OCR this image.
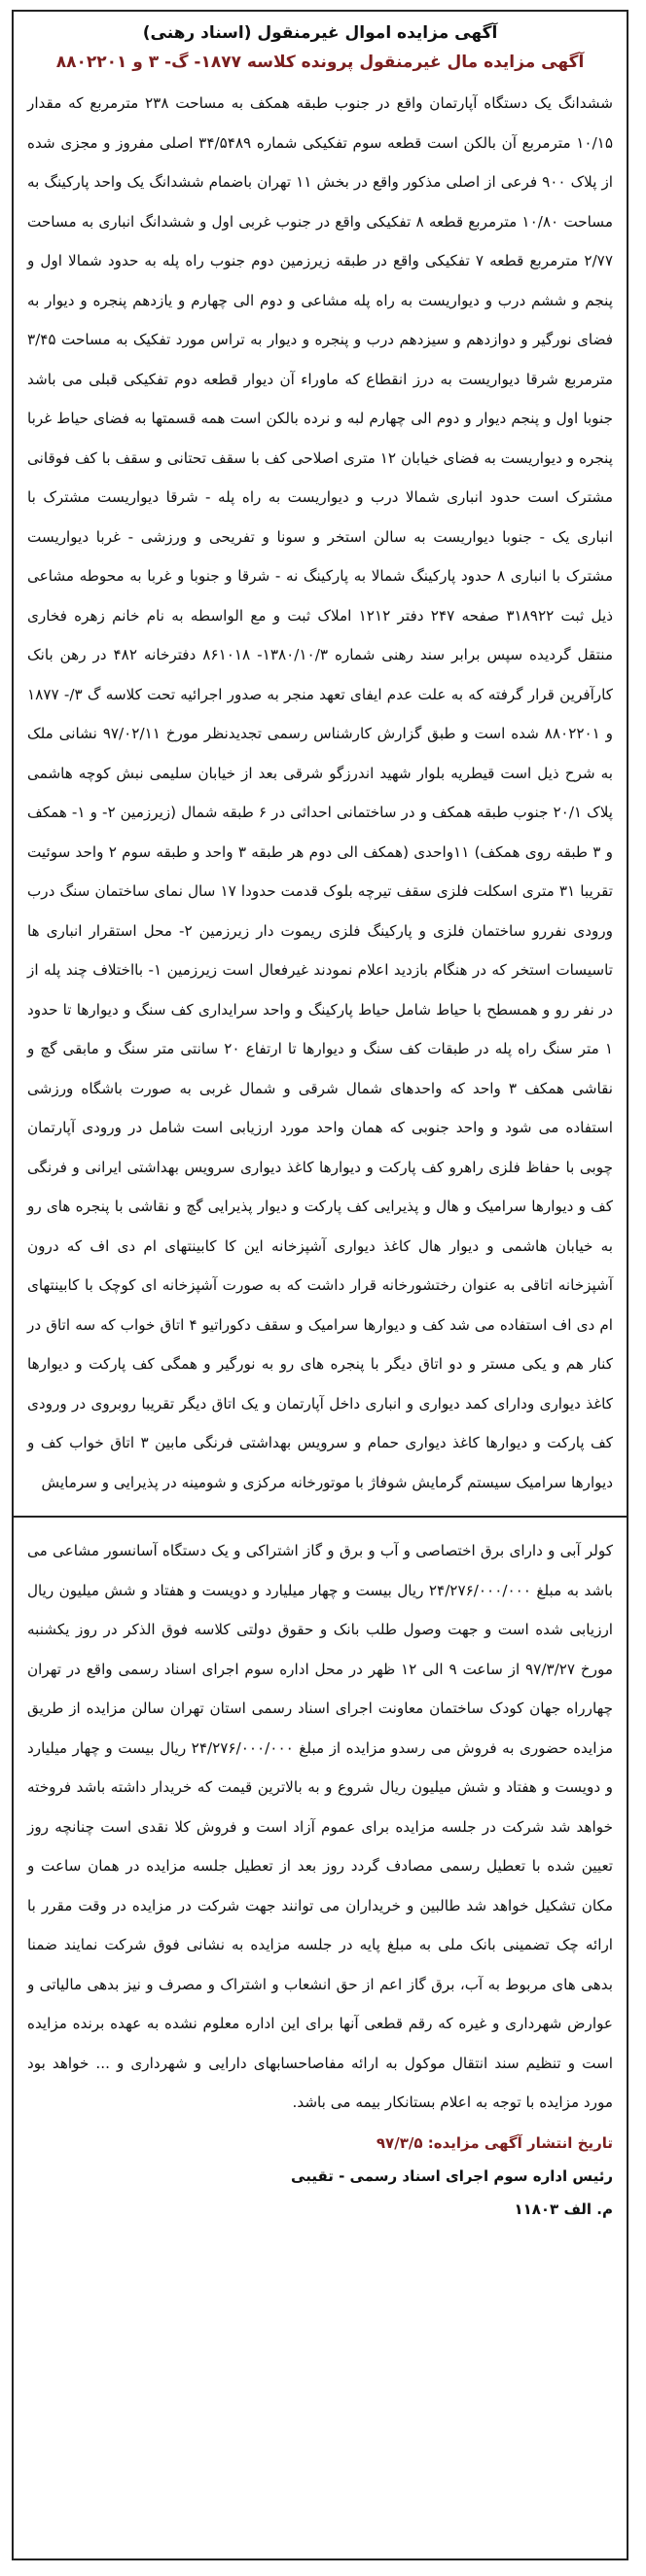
آگهی مزایده اموال غیرمنقول (اسناد رهنی)
آگهی مزایده مال غیرمنقول پرونده کلاسه ۱۸۷۷- گ- ۳ و ۸۸۰۲۲۰۱

ششدانگ یک دستگاه آپارتمان واقع در جنوب طبقه همکف به مساحت ۲۳۸ مترمربع که مقدار ۱۰/۱۵ مترمربع آن بالکن است قطعه سوم تفکیکی شماره ۳۴/۵۴۸۹ اصلی مفروز و مجزی شده از پلاک ۹۰۰ فرعی از اصلی مذکور واقع در بخش ۱۱ تهران باضمام ششدانگ یک واحد پارکینگ به مساحت ۱۰/۸۰ مترمربع قطعه ۸ تفکیکی واقع در جنوب غربی اول و ششدانگ انباری به مساحت ۲/۷۷ مترمربع قطعه ۷ تفکیکی واقع در طبقه زیرزمین دوم جنوب راه پله به حدود شمالا اول و پنجم و ششم درب و دیواریست به راه پله مشاعی و دوم الی چهارم و یازدهم پنجره و دیوار به فضای نورگیر و دوازدهم و سیزدهم درب و پنجره و دیوار به تراس مورد تفکیک به مساحت ۳/۴۵ مترمربع شرقا دیواریست به درز انقطاع که ماوراء آن دیوار قطعه دوم تفکیکی قبلی می باشد جنوبا اول و پنجم دیوار و دوم الی چهارم لبه و نرده بالکن است همه قسمتها به فضای حیاط غربا پنجره و دیواریست به فضای خیابان ۱۲ متری اصلاحی کف با سقف تحتانی و سقف با کف فوقانی مشترک است حدود انباری شمالا درب و دیواریست به راه پله - شرقا دیواریست مشترک با انباری یک - جنوبا دیواریست به سالن استخر و سونا و تفریحی و ورزشی - غربا دیواریست مشترک با انباری ۸ حدود پارکینگ شمالا به پارکینگ نه - شرقا و جنوبا و غربا به محوطه مشاعی ذیل ثبت ۳۱۸۹۲۲ صفحه ۲۴۷ دفتر ۱۲۱۲ املاک ثبت و مع الواسطه به نام خانم زهره فخاری منتقل گردیده سپس برابر سند رهنی شماره ۱۳۸۰/۱۰/۳- ۸۶۱۰۱۸ دفترخانه ۴۸۲ در رهن بانک کارآفرین قرار گرفته که به علت عدم ایفای تعهد منجر به صدور اجرائیه تحت کلاسه گ ۳/- ۱۸۷۷ و ۸۸۰۲۲۰۱ شده است و طبق گزارش کارشناس رسمی تجدیدنظر مورخ ۹۷/۰۲/۱۱ نشانی ملک به شرح ذیل است قیطریه بلوار شهید اندرزگو شرقی بعد از خیابان سلیمی نبش کوچه هاشمی پلاک ۲۰/۱ جنوب طبقه همکف و در ساختمانی احداثی در ۶ طبقه شمال (زیرزمین ۲- و ۱- همکف و ۳ طبقه روی همکف) ۱۱واحدی (همکف الی دوم هر طبقه ۳ واحد و طبقه سوم ۲ واحد سوئیت تقریبا ۳۱ متری اسکلت فلزی سقف تیرچه بلوک قدمت حدودا ۱۷ سال نمای ساختمان سنگ درب ورودی نفررو ساختمان فلزی و پارکینگ فلزی ریموت دار زیرزمین ۲- محل استقرار انباری ها تاسیسات استخر که در هنگام بازدید اعلام نمودند غیرفعال است زیرزمین ۱- بااختلاف چند پله از در نفر رو و همسطح با حیاط شامل حیاط پارکینگ و واحد سرایداری کف سنگ و دیوارها تا حدود ۱ متر سنگ راه پله در طبقات کف سنگ و دیوارها تا ارتفاع ۲۰ سانتی متر سنگ و مابقی گچ و نقاشی همکف ۳ واحد که واحدهای شمال شرقی و شمال غربی به صورت باشگاه ورزشی استفاده می شود و واحد جنوبی که همان واحد مورد ارزیابی است شامل در ورودی آپارتمان چوبی با حفاظ فلزی راهرو کف پارکت و دیوارها کاغذ دیواری سرویس بهداشتی ایرانی و فرنگی کف و دیوارها سرامیک و هال و پذیرایی کف پارکت و دیوار پذیرایی گچ و نقاشی با پنجره های رو به خیابان هاشمی و دیوار هال کاغذ دیواری آشپزخانه این کا کابینتهای ام دی اف که درون آشپزخانه اتاقی به عنوان رختشورخانه قرار داشت که به صورت آشپزخانه ای کوچک با کابینتهای ام دی اف استفاده می شد کف و دیوارها سرامیک و سقف دکوراتیو ۴ اتاق خواب که سه اتاق در کنار هم و یکی مستر و دو اتاق دیگر با پنجره های رو به نورگیر و همگی کف پارکت و دیوارها کاغذ دیواری ودارای کمد دیواری و انباری داخل آپارتمان و یک اتاق دیگر تقریبا روبروی در ورودی کف پارکت و دیوارها کاغذ دیواری حمام و سرویس بهداشتی فرنگی مابین ۳ اتاق خواب کف و دیوارها سرامیک سیستم گرمایش شوفاژ با موتورخانه مرکزی و شومینه در پذیرایی و سرمایش

کولر آبی و دارای برق اختصاصی و آب و برق و گاز اشتراکی و یک دستگاه آسانسور مشاعی می باشد به مبلغ ۲۴/۲۷۶/۰۰۰/۰۰۰ ریال بیست و چهار میلیارد و دویست و هفتاد و شش میلیون ریال ارزیابی شده است و جهت وصول طلب بانک و حقوق دولتی کلاسه فوق الذکر در روز یکشنبه مورخ ۹۷/۳/۲۷ از ساعت ۹ الی ۱۲ ظهر در محل اداره سوم اجرای اسناد رسمی واقع در تهران چهارراه جهان کودک ساختمان معاونت اجرای اسناد رسمی استان تهران سالن مزایده از طریق مزایده حضوری به فروش می رسدو مزایده از مبلغ ۲۴/۲۷۶/۰۰۰/۰۰۰ ریال بیست و چهار میلیارد و دویست و هفتاد و شش میلیون ریال شروع و به بالاترین قیمت که خریدار داشته باشد فروخته خواهد شد شرکت در جلسه مزایده برای عموم آزاد است و فروش کلا نقدی است چنانچه روز تعیین شده با تعطیل رسمی مصادف گردد روز بعد از تعطیل جلسه مزایده در همان ساعت و مکان تشکیل خواهد شد طالبین و خریداران می توانند جهت شرکت در مزایده در وقت مقرر با ارائه چک تضمینی بانک ملی به مبلغ پایه در جلسه مزایده به نشانی فوق شرکت نمایند ضمنا بدهی های مربوط به آب، برق گاز اعم از حق انشعاب و اشتراک و مصرف و نیز بدهی مالیاتی و عوارض شهرداری و غیره که رقم قطعی آنها برای این اداره معلوم نشده به عهده برنده مزایده است و تنظیم سند انتقال موکول به ارائه مفاصاحسابهای دارایی و شهرداری و ... خواهد بود مورد مزایده با توجه به اعلام بستانکار بیمه می باشد.

تاریخ انتشار آگهی مزایده: ۹۷/۳/۵
رئیس اداره سوم اجرای اسناد رسمی - تقیبی
م. الف ۱۱۸۰۳
